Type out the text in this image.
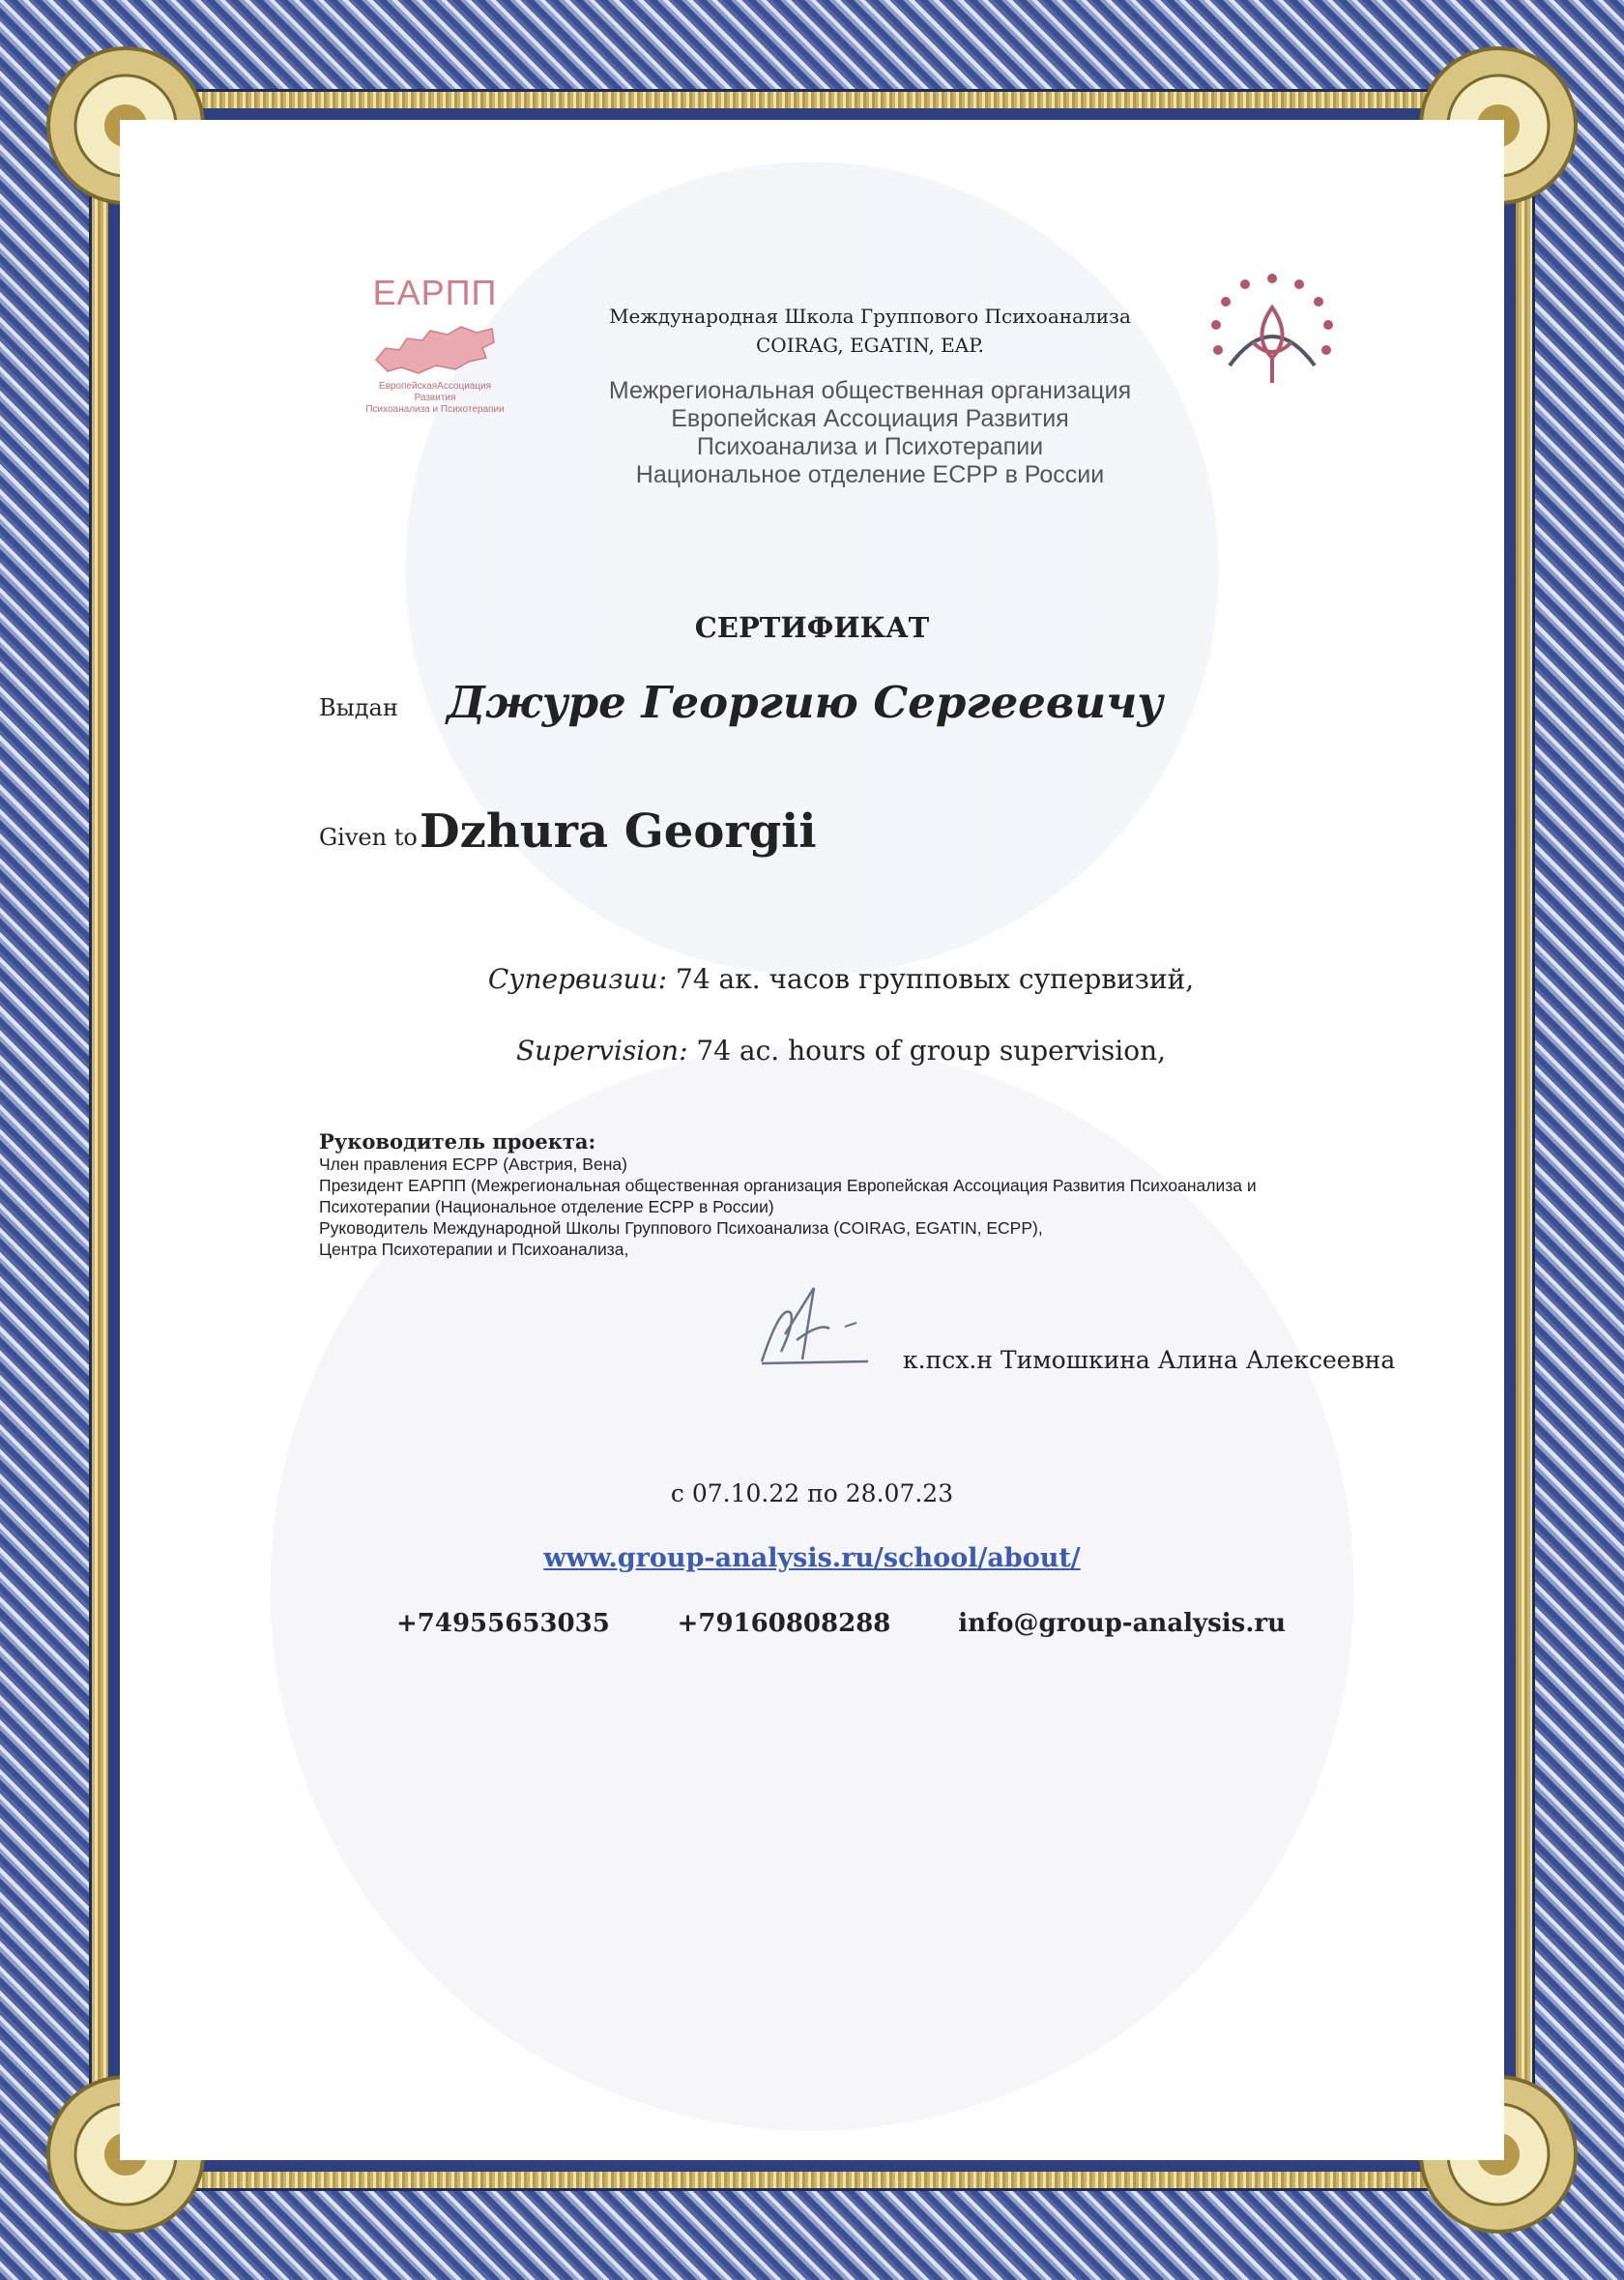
ЕАРПП
ЕвропейскаяАссоциация Развития
Психоанализа и Психотерапии
Международная Школа Группового Психоанализа
COIRAG, EGATIN, EAP.
Межрегиональная общественная организация
Европейская Ассоциация Развития
Психоанализа и Психотерапии
Национальное отделение ЕСРР в России
СЕРТИФИКАТ
Выдан Джуре Георгию Сергеевичу
Given to Dzhura Georgii
Супервизии: 74 ак. часов групповых супервизий,
Supervision: 74 ac. hours of group supervision,
Руководитель проекта:
Член правления ЕСРР (Австрия, Вена)
Президент ЕАРПП (Межрегиональная общественная организация Европейская Ассоциация Развития Психоанализа и
Психотерапии (Национальное отделение ЕСРР в России)
Руководитель Международной Школы Группового Психоанализа (COIRAG, EGATIN, ECPP),
Центра Психотерапии и Психоанализа,
к.псх.н Тимошкина Алина Алексеевна
с 07.10.22 по 28.07.23
www.group-analysis.ru/school/about/
+74955653035	+79160808288	info@group-analysis.ru
